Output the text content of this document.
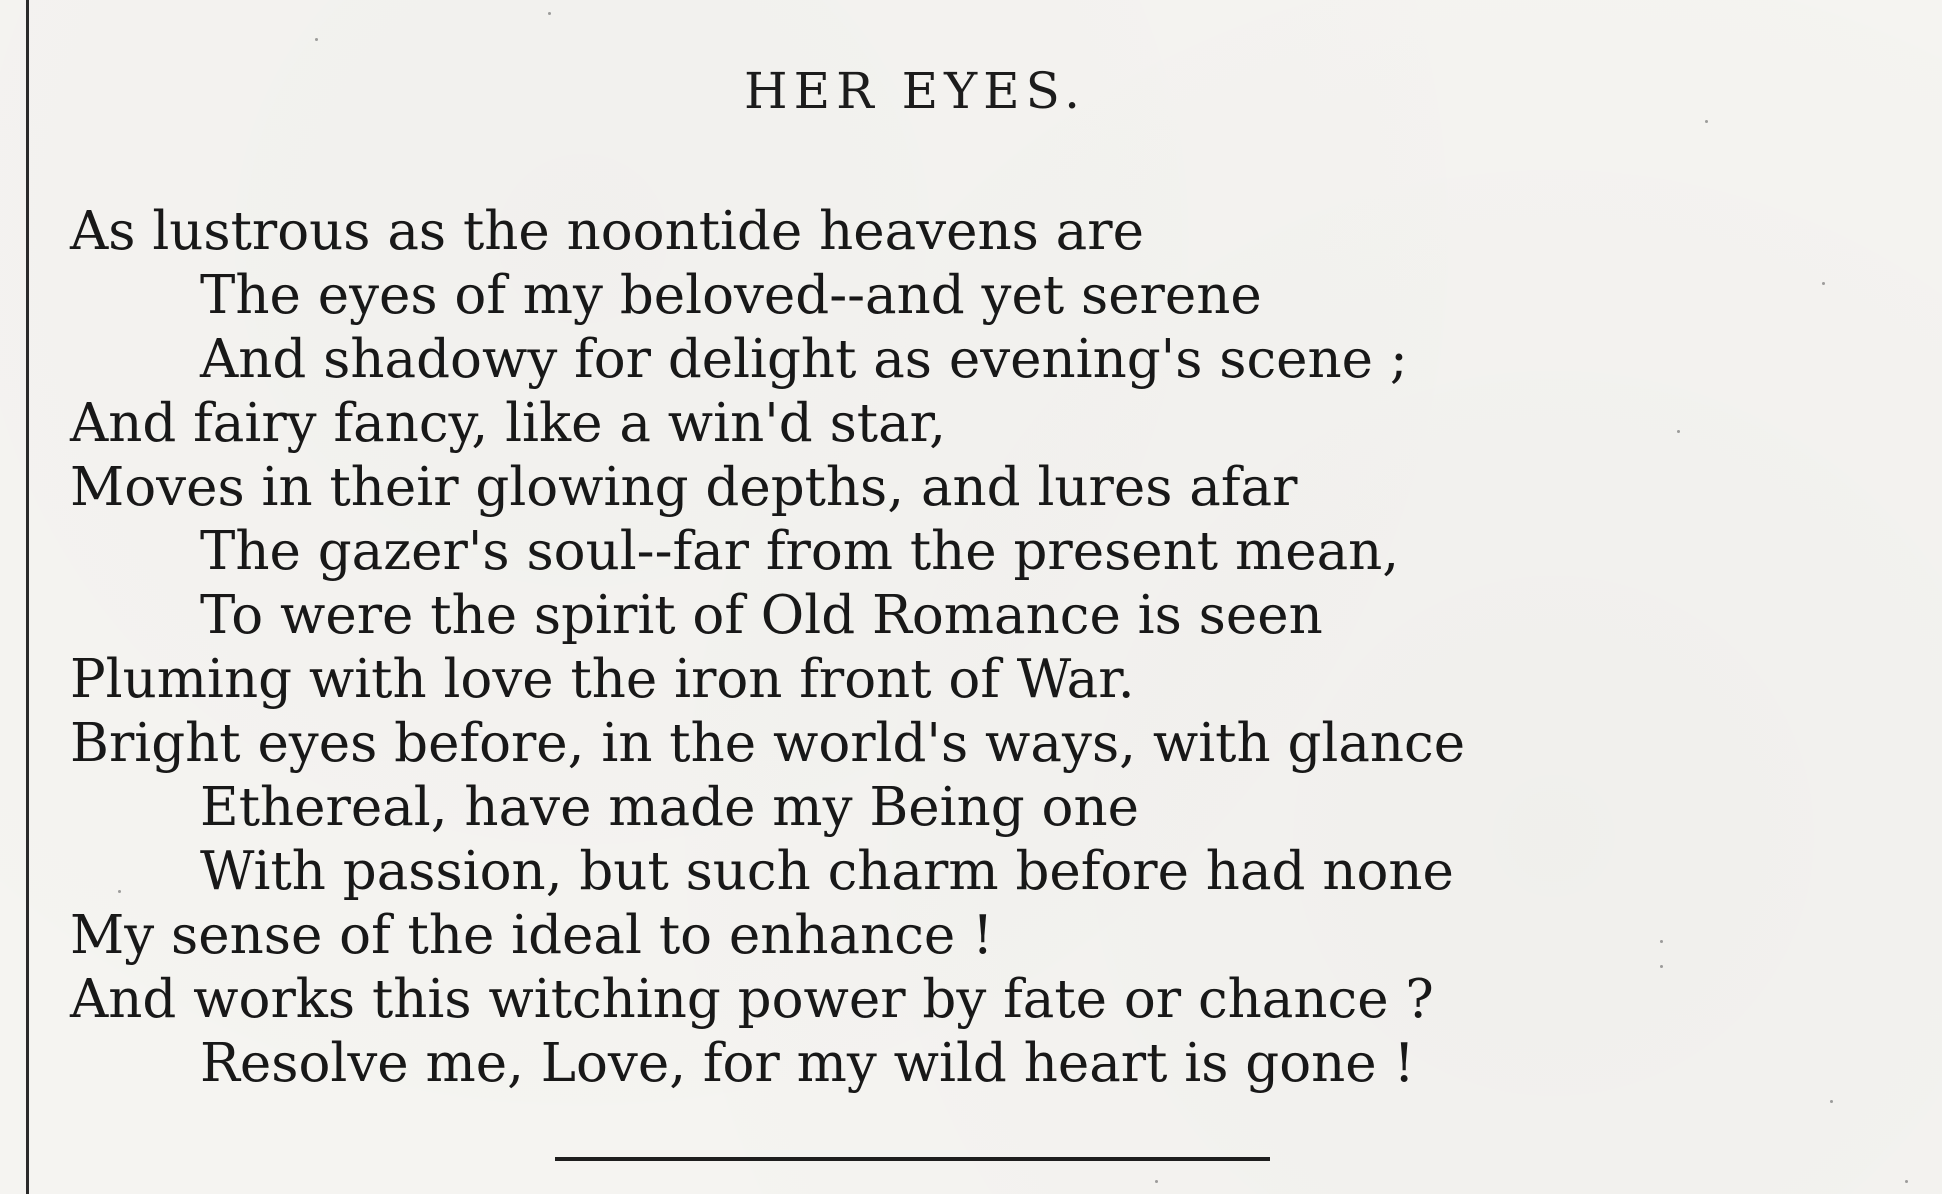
HER EYES.
As lustrous as the noontide heavens are
The eyes of my beloved--and yet serene
And shadowy for delight as evening's scene ;
And fairy fancy, like a win'd star,
Moves in their glowing depths, and lures afar
The gazer's soul--far from the present mean,
To were the spirit of Old Romance is seen
Pluming with love the iron front of War.
Bright eyes before, in the world's ways, with glance
Ethereal, have made my Being one
With passion, but such charm before had none
My sense of the ideal to enhance !
And works this witching power by fate or chance ?
Resolve me, Love, for my wild heart is gone !
